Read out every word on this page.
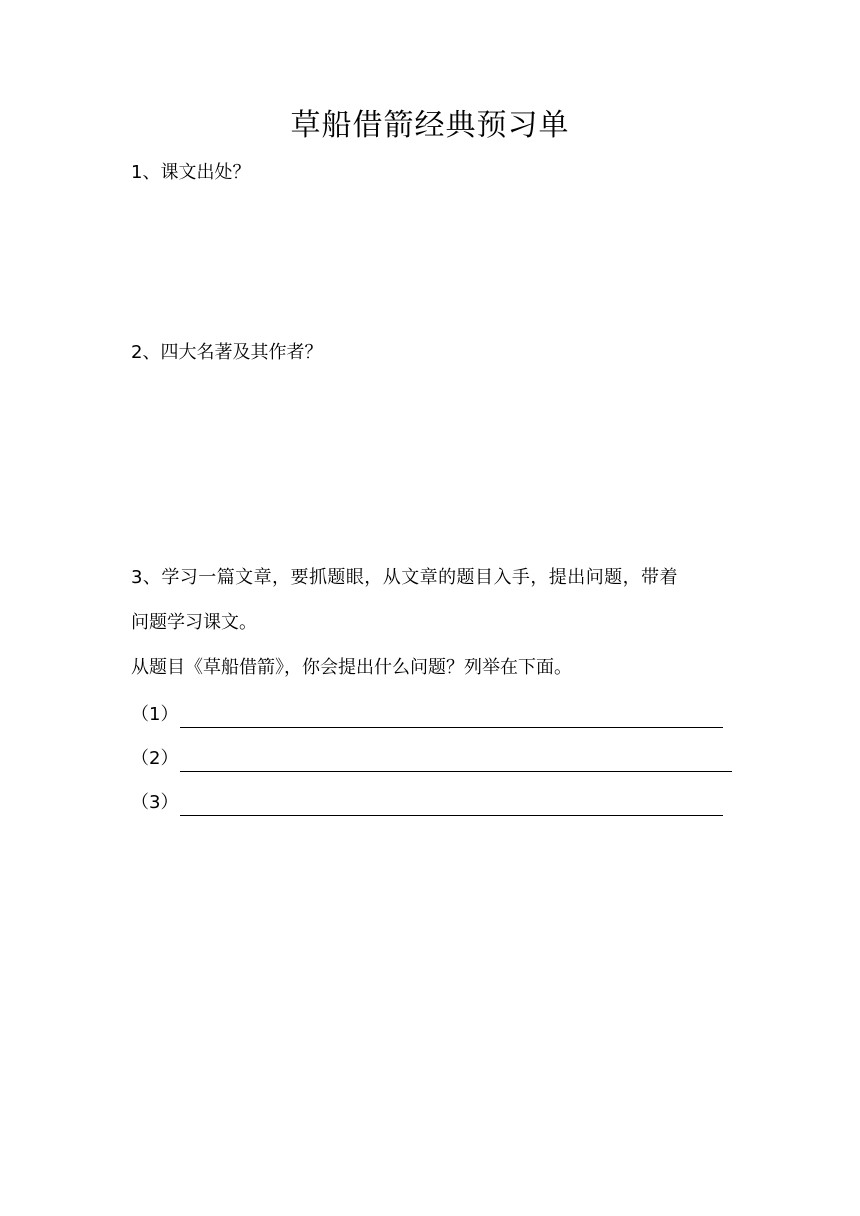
草船借箭经典预习单
1、课文出处？
2、四大名著及其作者？
3、学习一篇文章，要抓题眼，从文章的题目入手，提出问题，带着
问题学习课文。
从题目《草船借箭》，你会提出什么问题？列举在下面。
（1）
（2）
（3）
